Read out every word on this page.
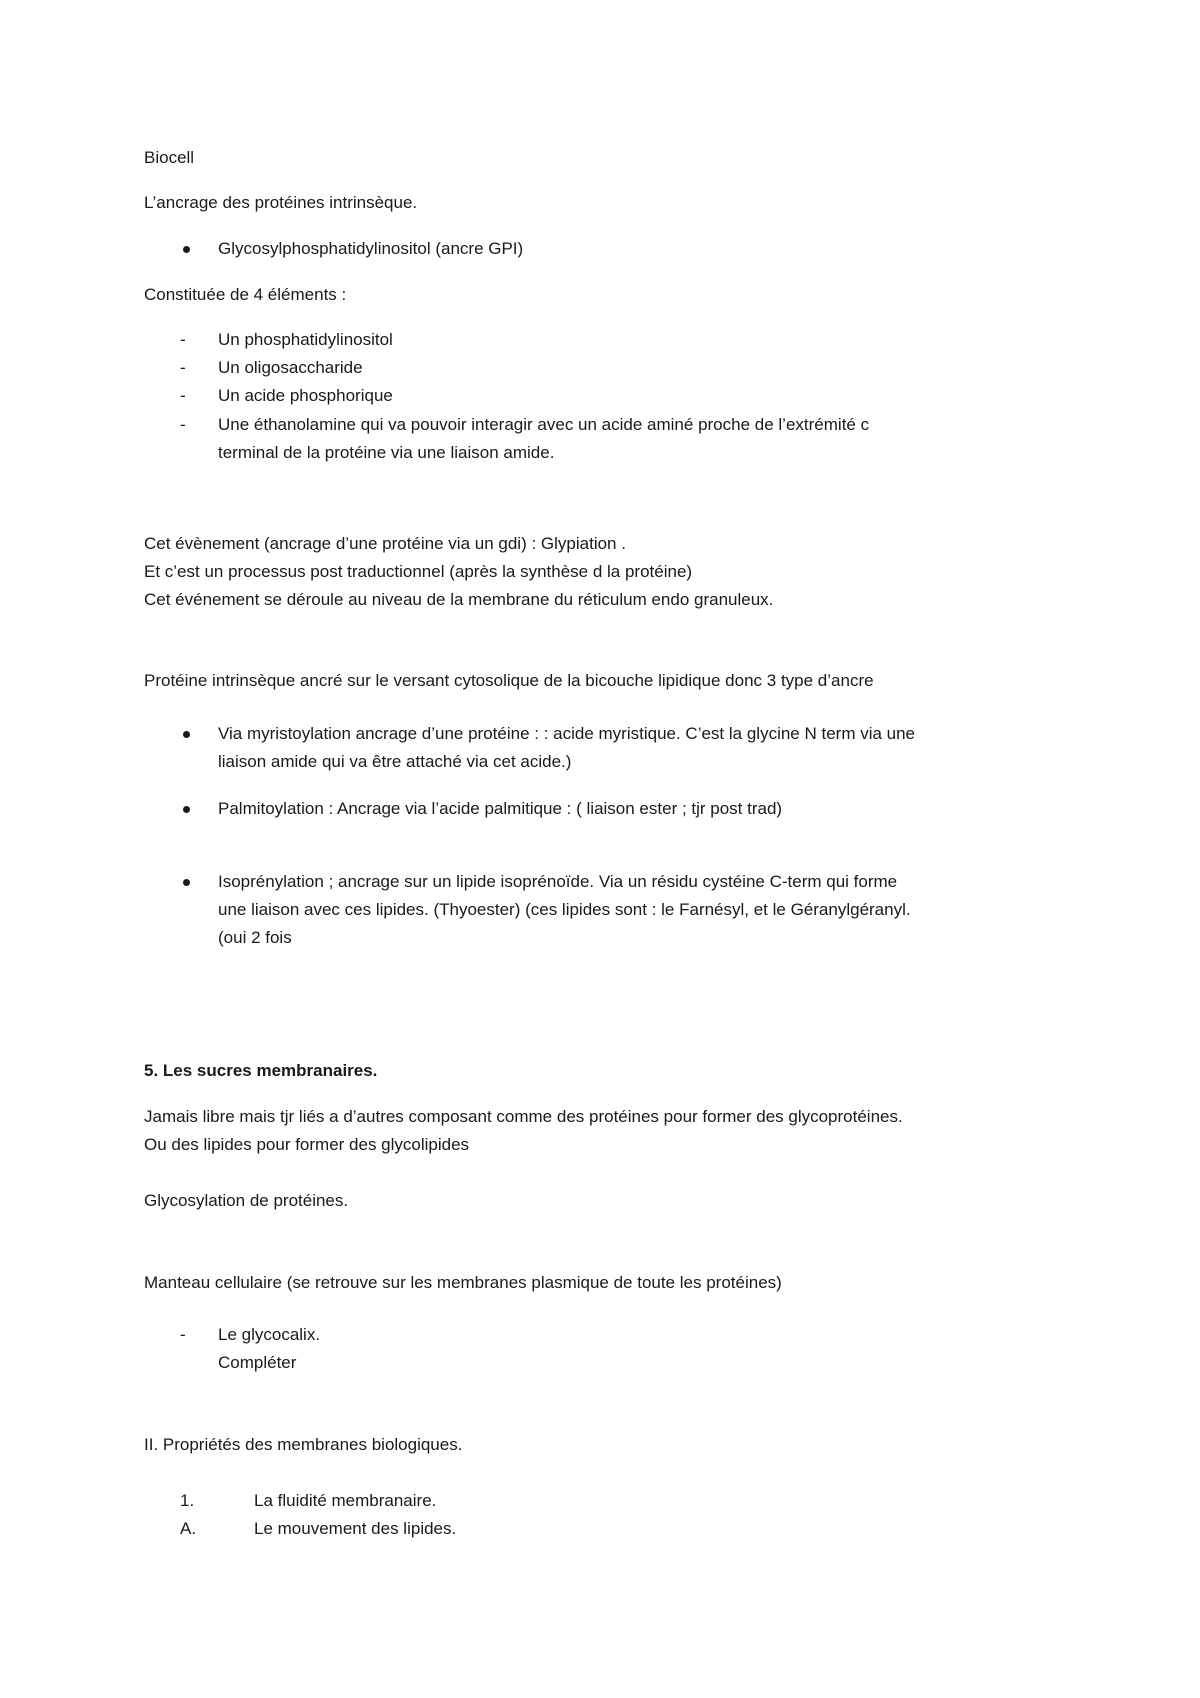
Biocell
L’ancrage des protéines intrinsèque.
Glycosylphosphatidylinositol (ancre GPI)
Constituée de 4 éléments :
- Un phosphatidylinositol
- Un oligosaccharide
- Un acide phosphorique
- Une éthanolamine qui va pouvoir interagir avec un acide aminé proche de l’extrémité c
terminal de la protéine via une liaison amide.
Cet évènement (ancrage d’une protéine via un gdi) : Glypiation .
Et c’est un processus post traductionnel (après la synthèse d la protéine)
Cet événement se déroule au niveau de la membrane du réticulum endo granuleux.
Protéine intrinsèque ancré sur le versant cytosolique de la bicouche lipidique donc 3 type d’ancre
Via myristoylation ancrage d’une protéine : : acide myristique. C’est la glycine N term via une
liaison amide qui va être attaché via cet acide.)
Palmitoylation : Ancrage via l’acide palmitique : ( liaison ester ; tjr post trad)
Isoprénylation ; ancrage sur un lipide isoprénoïde. Via un résidu cystéine C-term qui forme
une liaison avec ces lipides. (Thyoester) (ces lipides sont : le Farnésyl, et le Géranylgéranyl.
(oui 2 fois
5. Les sucres membranaires.
Jamais libre mais tjr liés a d’autres composant comme des protéines pour former des glycoprotéines.
Ou des lipides pour former des glycolipides
Glycosylation de protéines.
Manteau cellulaire (se retrouve sur les membranes plasmique de toute les protéines)
- Le glycocalix.
Compléter
II. Propriétés des membranes biologiques.
1.	La fluidité membranaire.
A.	Le mouvement des lipides.
